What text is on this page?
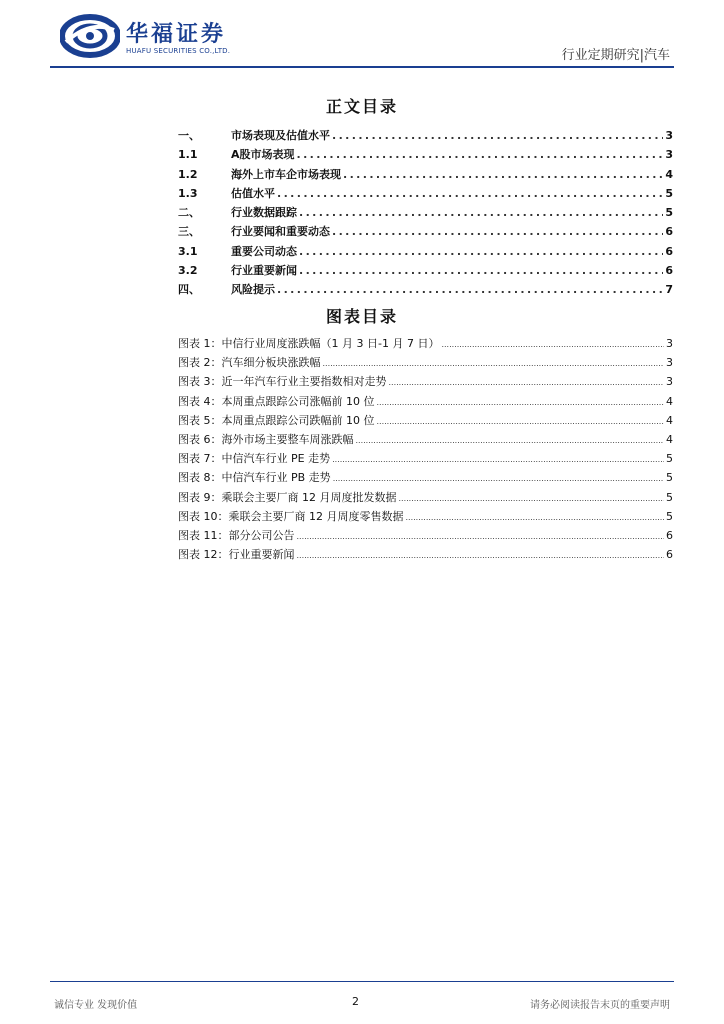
华福证券
HUAFU SECURITIES CO.,LTD.	行业定期研究|汽车
正文目录
一、	市场表现及估值水平 .....	3
1.1	A股市场表现 .....	3
1.2	海外上市车企市场表现 .....	4
1.3	估值水平 .....	5
二、	行业数据跟踪 .....	5
三、	行业要闻和重要动态 .....	6
3.1	重要公司动态 .....	6
3.2	行业重要新闻 .....	6
四、	风险提示 .....	7
图表目录
图表 1： 中信行业周度涨跌幅（1 月 3 日-1 月 7 日） .....	3
图表 2： 汽车细分板块涨跌幅 .....	3
图表 3： 近一年汽车行业主要指数相对走势 .....	3
图表 4： 本周重点跟踪公司涨幅前 10 位 .....	4
图表 5： 本周重点跟踪公司跌幅前 10 位 .....	4
图表 6： 海外市场主要整车周涨跌幅 .....	4
图表 7： 中信汽车行业 PE 走势 .....	5
图表 8： 中信汽车行业 PB 走势 .....	5
图表 9： 乘联会主要厂商 12 月周度批发数据 .....	5
图表 10： 乘联会主要厂商 12 月周度零售数据 .....	5
图表 11： 部分公司公告 .....	6
图表 12： 行业重要新闻 .....	6
诚信专业 发现价值	2	请务必阅读报告末页的重要声明
